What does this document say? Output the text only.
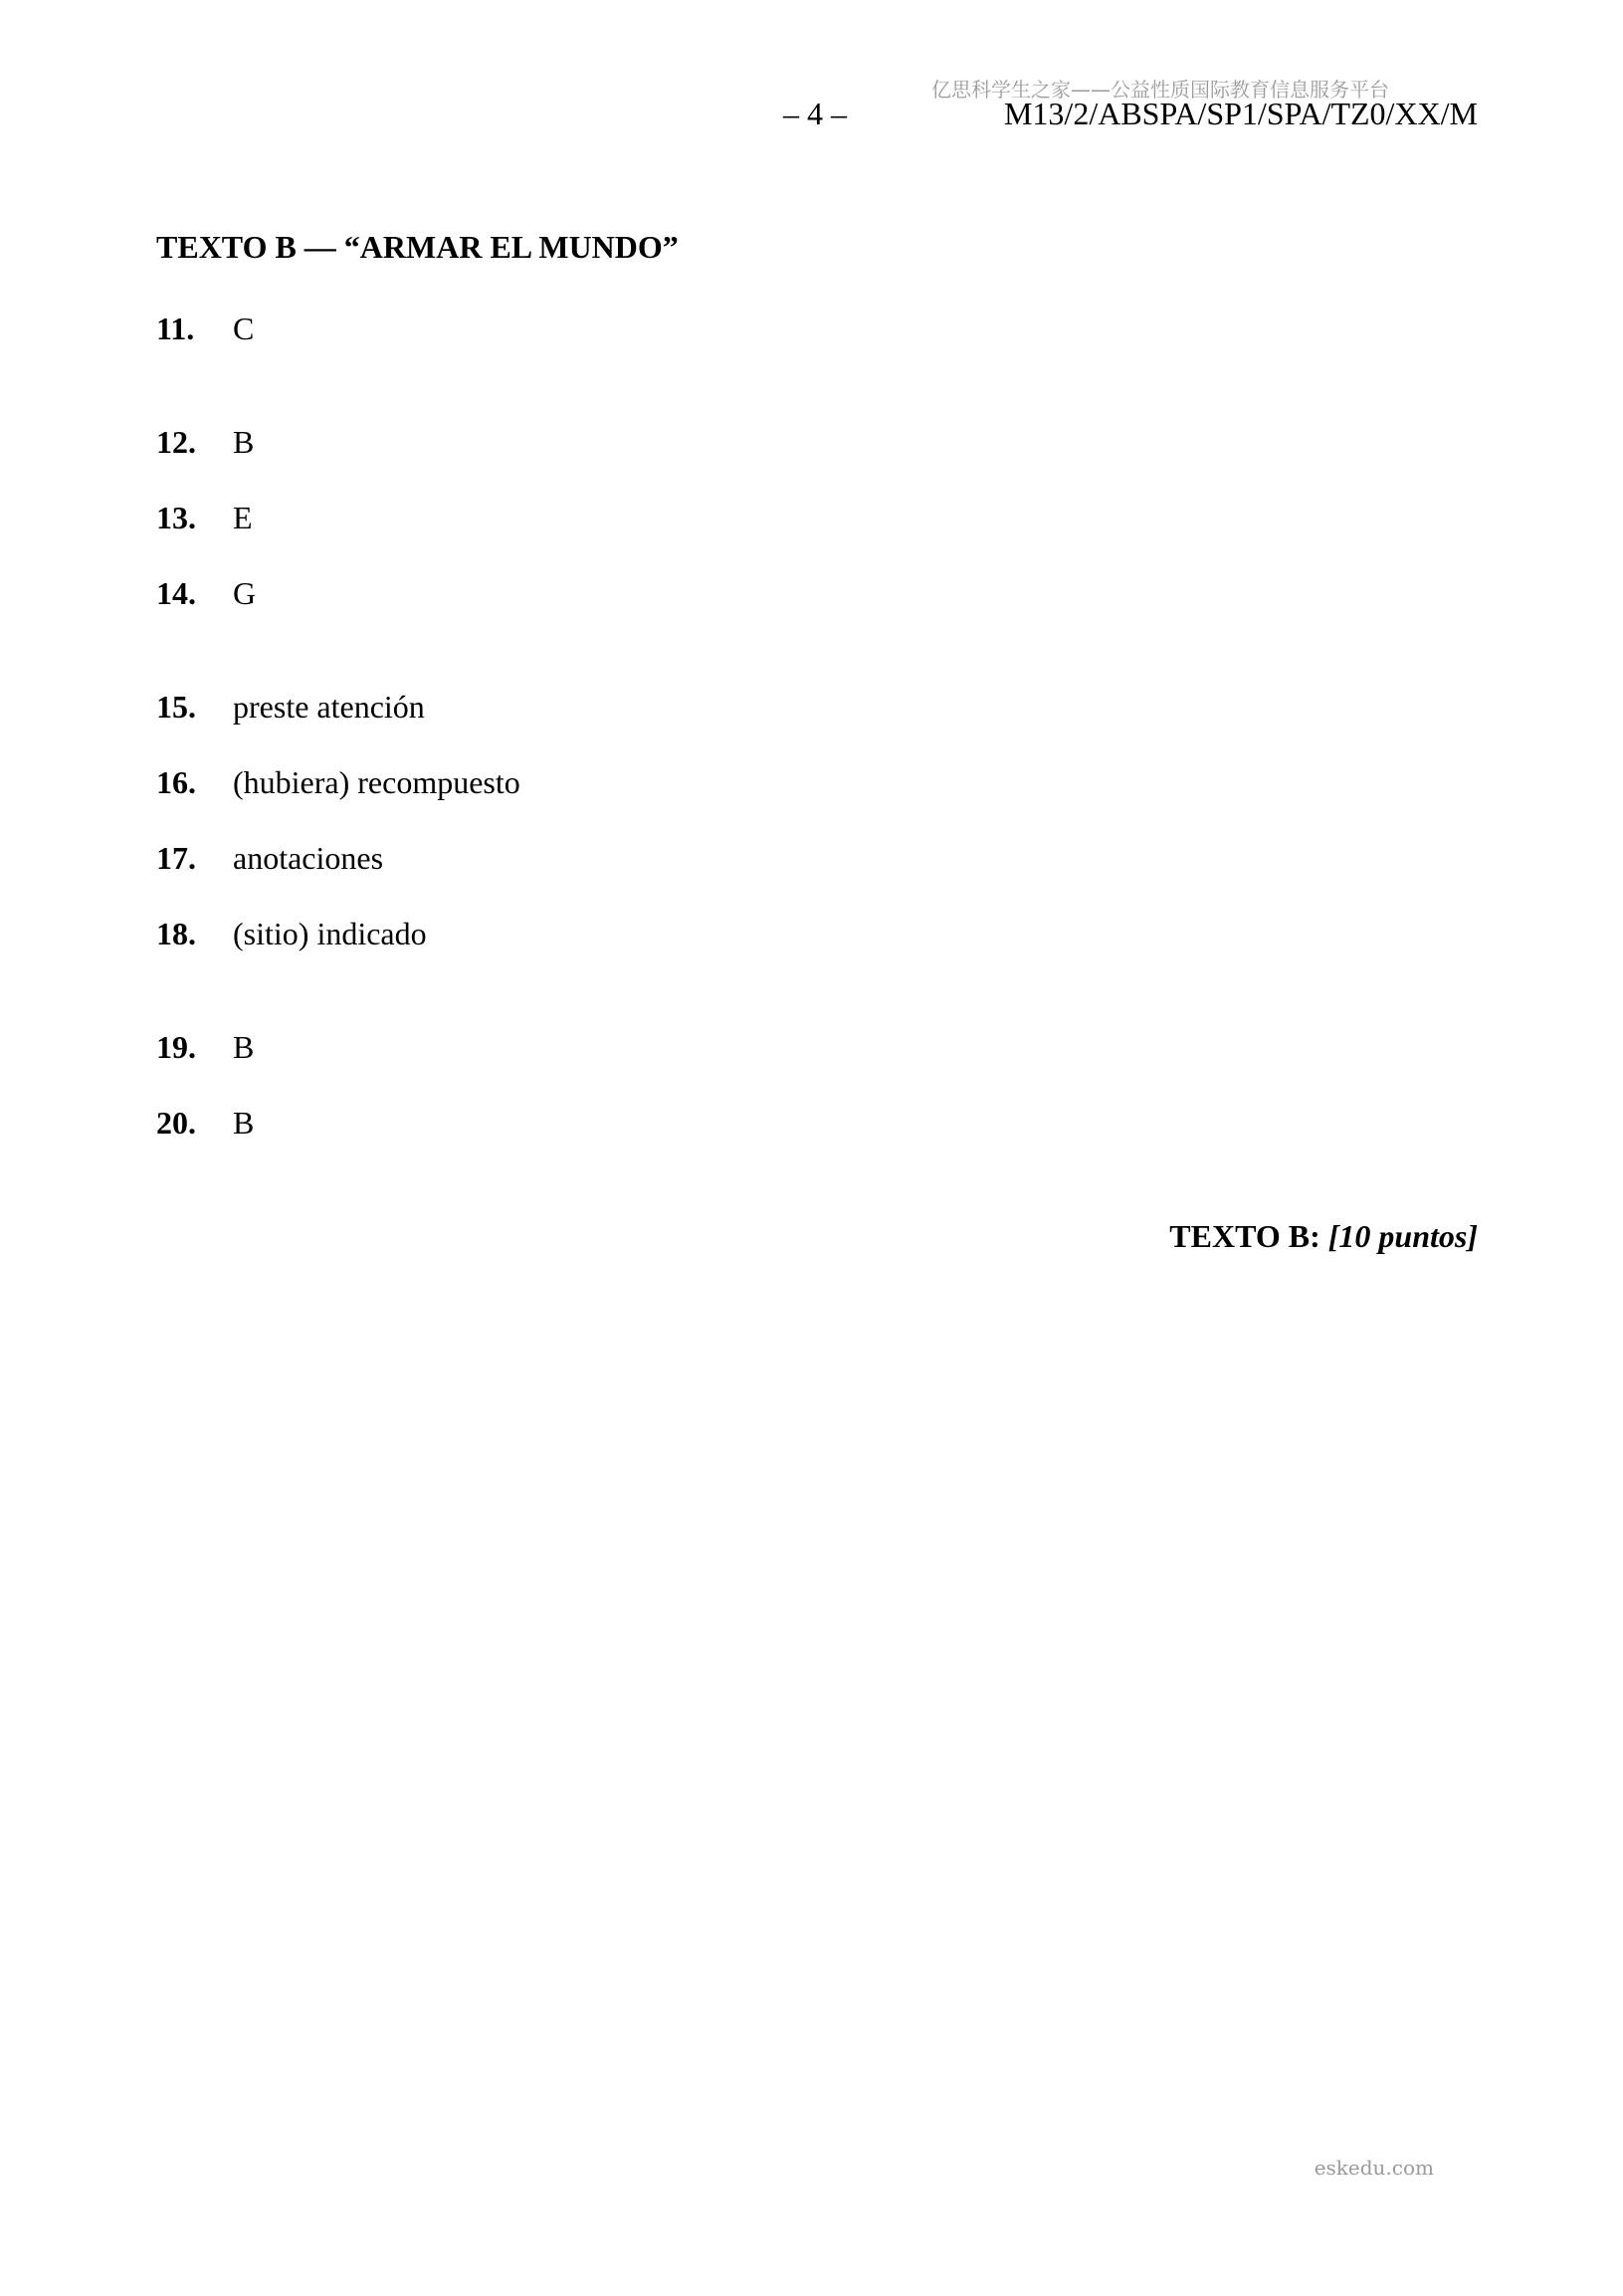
亿思科学生之家——公益性质国际教育信息服务平台
– 4 –	M13/2/ABSPA/SP1/SPA/TZ0/XX/M
TEXTO B — “ARMAR EL MUNDO”
11. C
12. B
13. E
14. G
15. preste atención
16. (hubiera) recompuesto
17. anotaciones
18. (sitio) indicado
19. B
20. B
TEXTO B: [10 puntos]
eskedu.com
